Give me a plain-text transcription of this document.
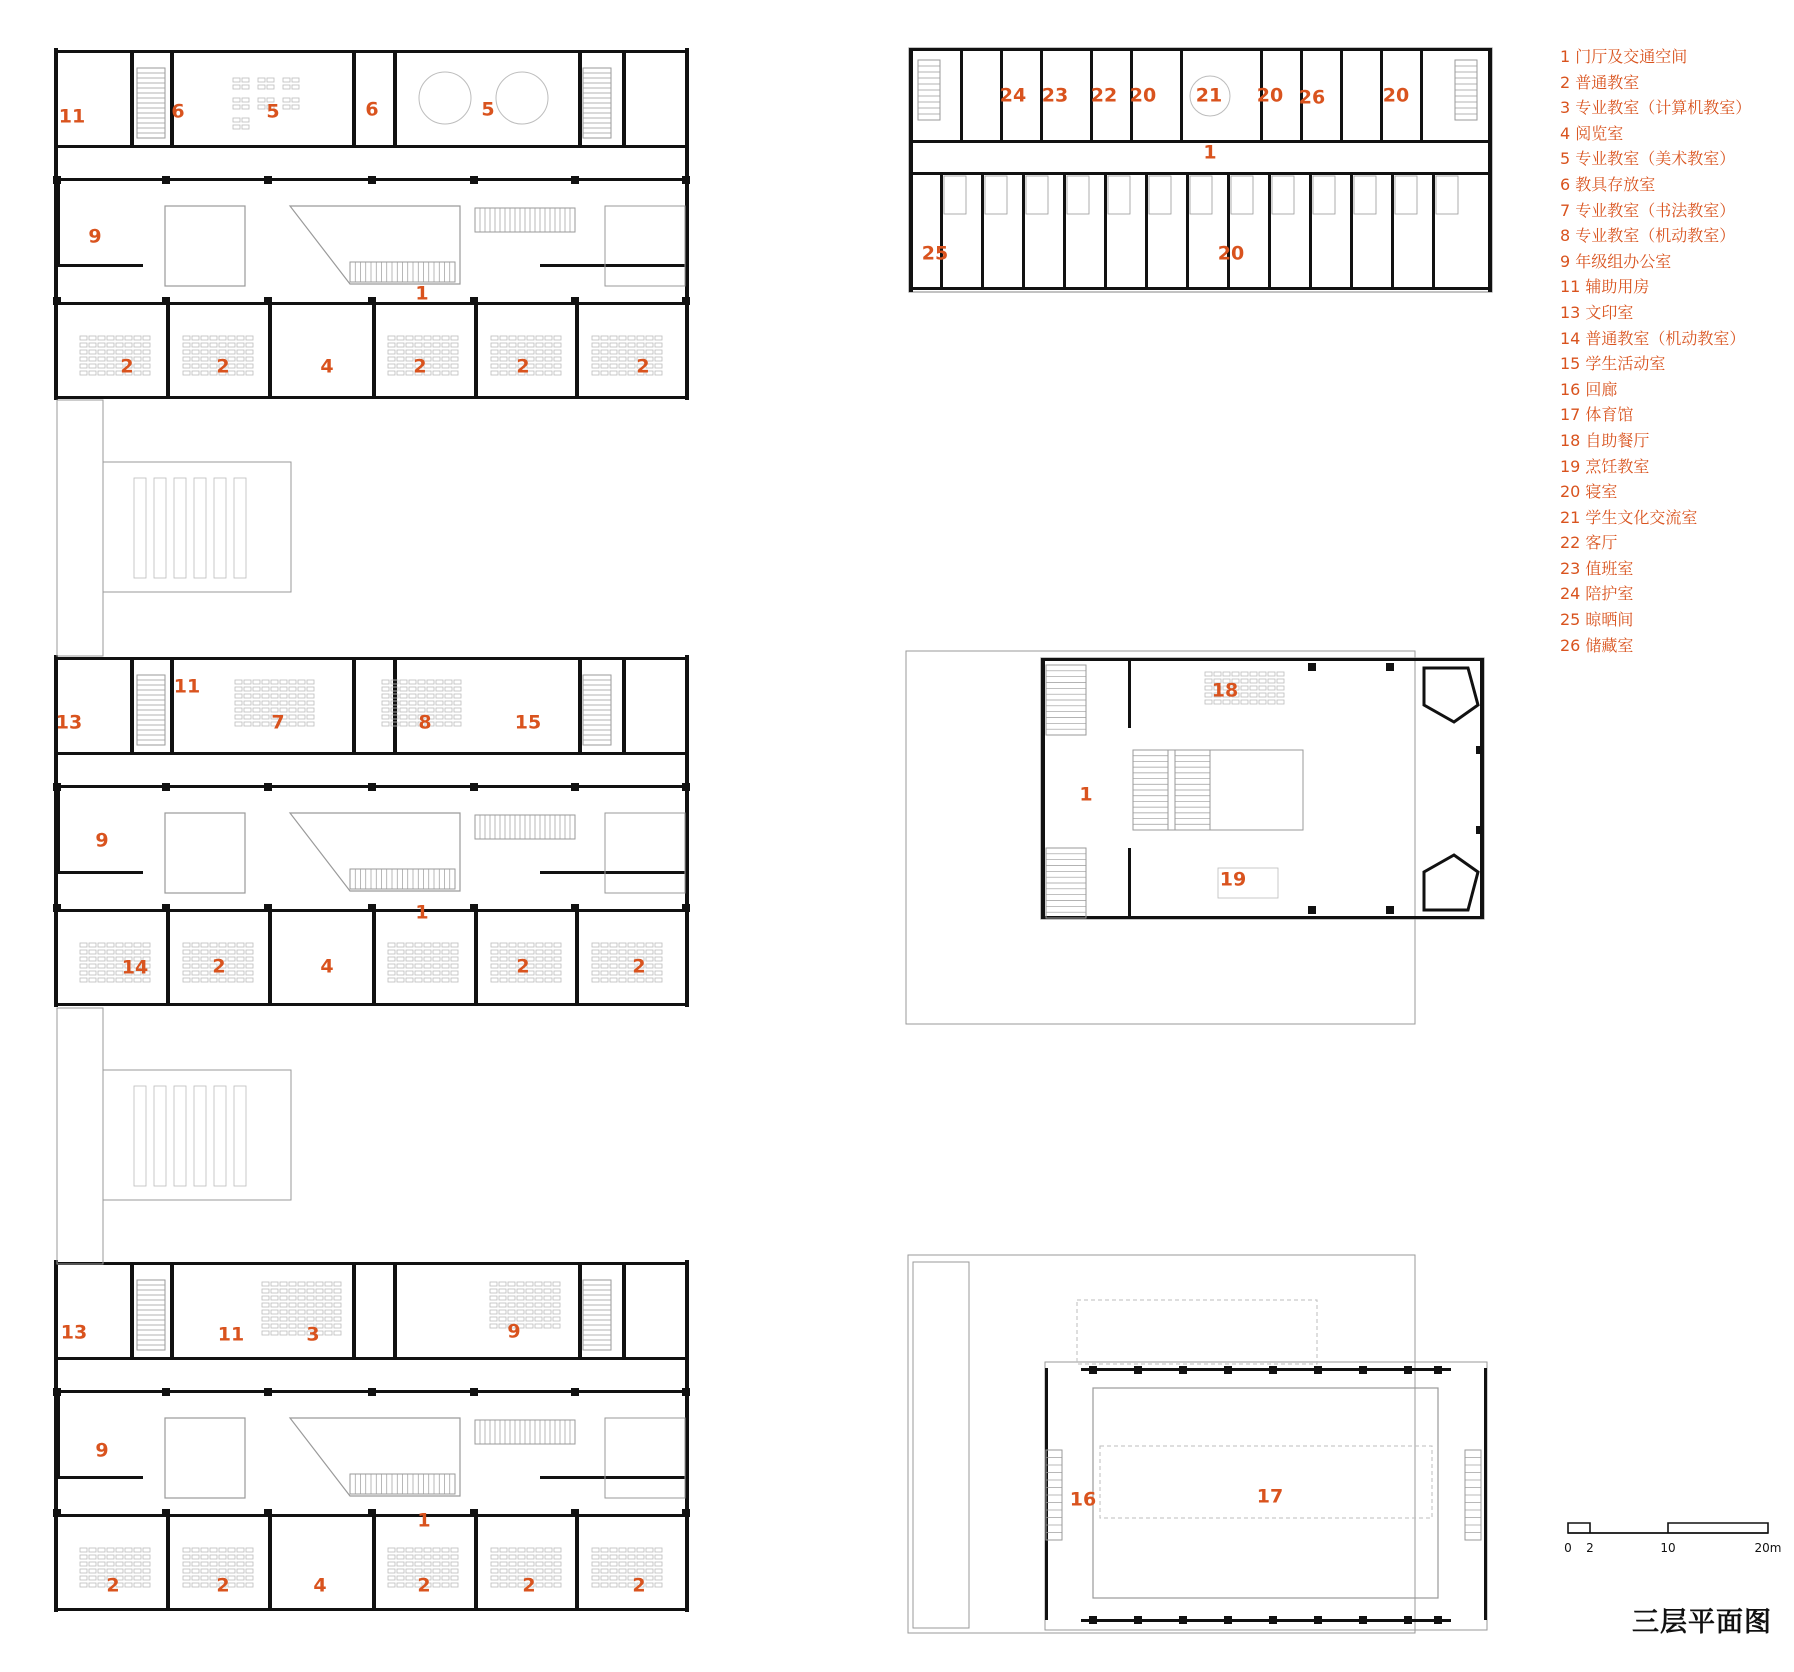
11	6	5	6	5
9
1
2	2	4	2	2	2
13
11
7	8	15
9
1
14	2	4	2	2
13	11	3	9
9
1
2	2	4	2	2	2
24 23 22 20 21 20 26	20
1
25	20
18
1
19
16	17
1 门厅及交通空间
2 普通教室
3 专业教室（计算机教室）
4 阅览室
5 专业教室（美术教室）
6 教具存放室
7 专业教室（书法教室）
8 专业教室（机动教室）
9 年级组办公室
11 辅助用房
13 文印室
14 普通教室（机动教室）
15 学生活动室
16 回廊
17 体育馆
18 自助餐厅
19 烹饪教室
20 寝室
21 学生文化交流室
22 客厅
23 值班室
24 陪护室
25 晾晒间
26 储藏室
0 2	10	20m
三层平面图
